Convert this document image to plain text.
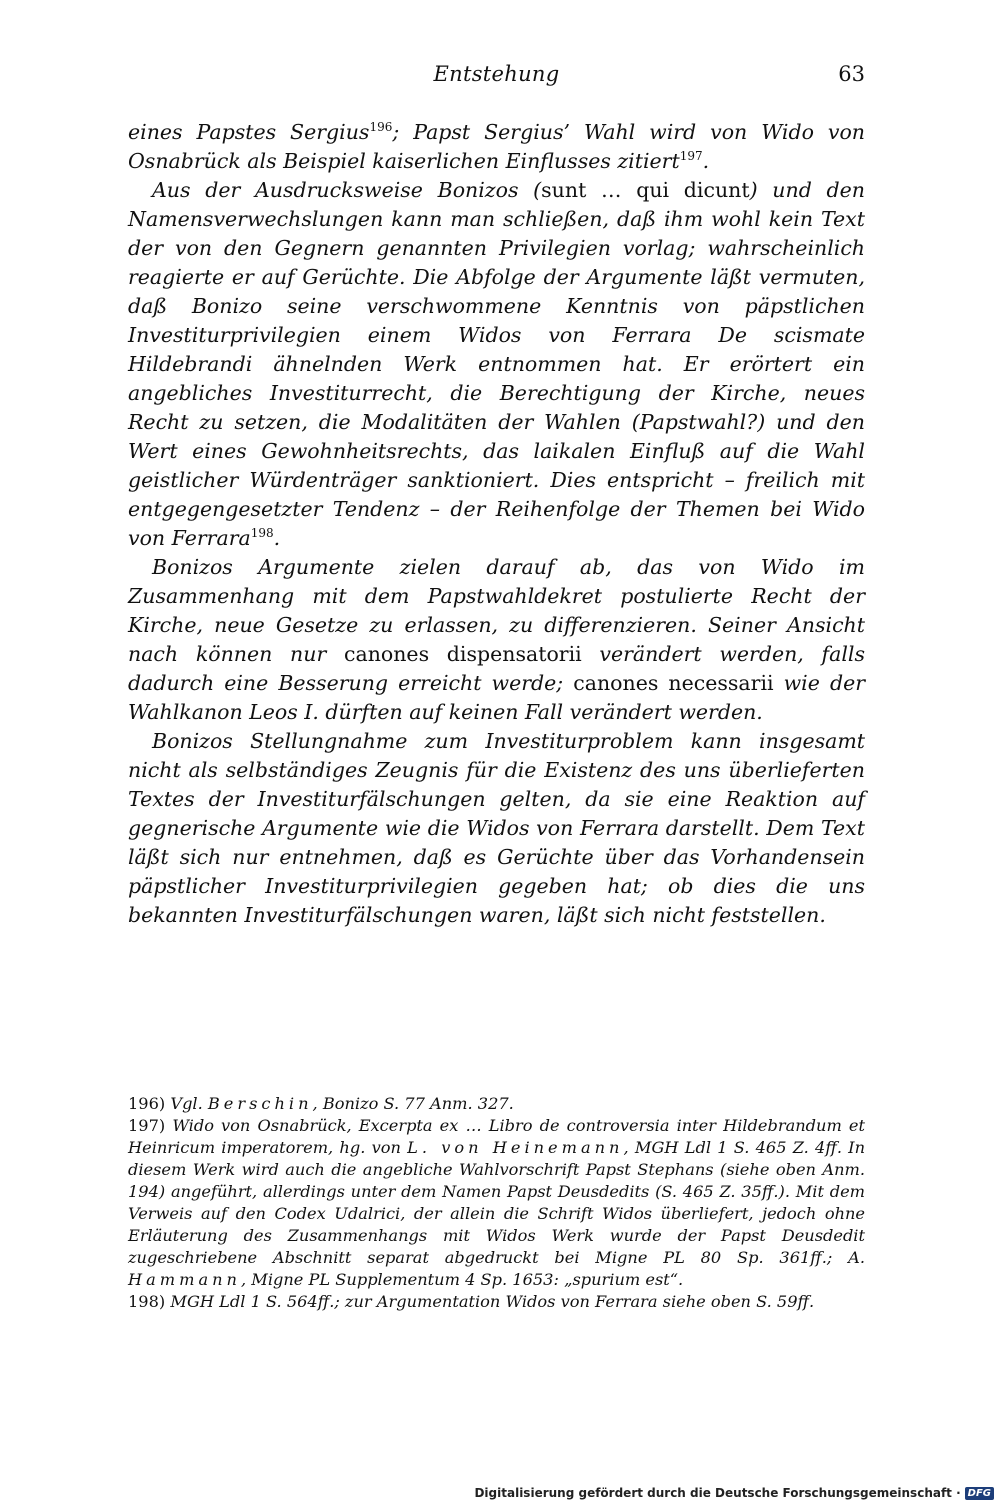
Entstehung	63

eines Papstes Sergius$^{196}$; Papst Sergius’ Wahl wird von Wido von Osnabrück als Beispiel kaiserlichen Einflusses zitiert$^{197}$.

Aus der Ausdrucksweise Bonizos (sunt … qui dicunt) und den Namensverwechslungen kann man schließen, daß ihm wohl kein Text der von den Gegnern genannten Privilegien vorlag; wahrscheinlich reagierte er auf Gerüchte. Die Abfolge der Argumente läßt vermuten, daß Bonizo seine verschwommene Kenntnis von päpstlichen Investiturprivilegien einem Widos von Ferrara De scismate Hildebrandi ähnelnden Werk entnommen hat. Er erörtert ein angebliches Investiturrecht, die Berechtigung der Kirche, neues Recht zu setzen, die Modalitäten der Wahlen (Papstwahl?) und den Wert eines Gewohnheitsrechts, das laikalen Einfluß auf die Wahl geistlicher Würdenträger sanktioniert. Dies entspricht – freilich mit entgegengesetzter Tendenz – der Reihenfolge der Themen bei Wido von Ferrara$^{198}$.

Bonizos Argumente zielen darauf ab, das von Wido im Zusammenhang mit dem Papstwahldekret postulierte Recht der Kirche, neue Gesetze zu erlassen, zu differenzieren. Seiner Ansicht nach können nur canones dispensatorii verändert werden, falls dadurch eine Besserung erreicht werde; canones necessarii wie der Wahlkanon Leos I. dürften auf keinen Fall verändert werden.

Bonizos Stellungnahme zum Investiturproblem kann insgesamt nicht als selbständiges Zeugnis für die Existenz des uns überlieferten Textes der Investiturfälschungen gelten, da sie eine Reaktion auf gegnerische Argumente wie die Widos von Ferrara darstellt. Dem Text läßt sich nur entnehmen, daß es Gerüchte über das Vorhandensein päpstlicher Investiturprivilegien gegeben hat; ob dies die uns bekannten Investiturfälschungen waren, läßt sich nicht feststellen.

196) Vgl. Berschin, Bonizo S. 77 Anm. 327.

197) Wido von Osnabrück, Excerpta ex … Libro de controversia inter Hildebrandum et Heinricum imperatorem, hg. von L. von Heinemann, MGH Ldl 1 S. 465 Z. 4ff. In diesem Werk wird auch die angebliche Wahlvorschrift Papst Stephans (siehe oben Anm. 194) angeführt, allerdings unter dem Namen Papst Deusdedits (S. 465 Z. 35ff.). Mit dem Verweis auf den Codex Udalrici, der allein die Schrift Widos überliefert, jedoch ohne Erläuterung des Zusammenhangs mit Widos Werk wurde der Papst Deusdedit zugeschriebene Abschnitt separat abgedruckt bei Migne PL 80 Sp. 361ff.; A. Hammann, Migne PL Supplementum 4 Sp. 1653: „spurium est“.

198) MGH Ldl 1 S. 564ff.; zur Argumentation Widos von Ferrara siehe oben S. 59ff.

Digitalisierung gefördert durch die Deutsche Forschungsgemeinschaft · DFG
